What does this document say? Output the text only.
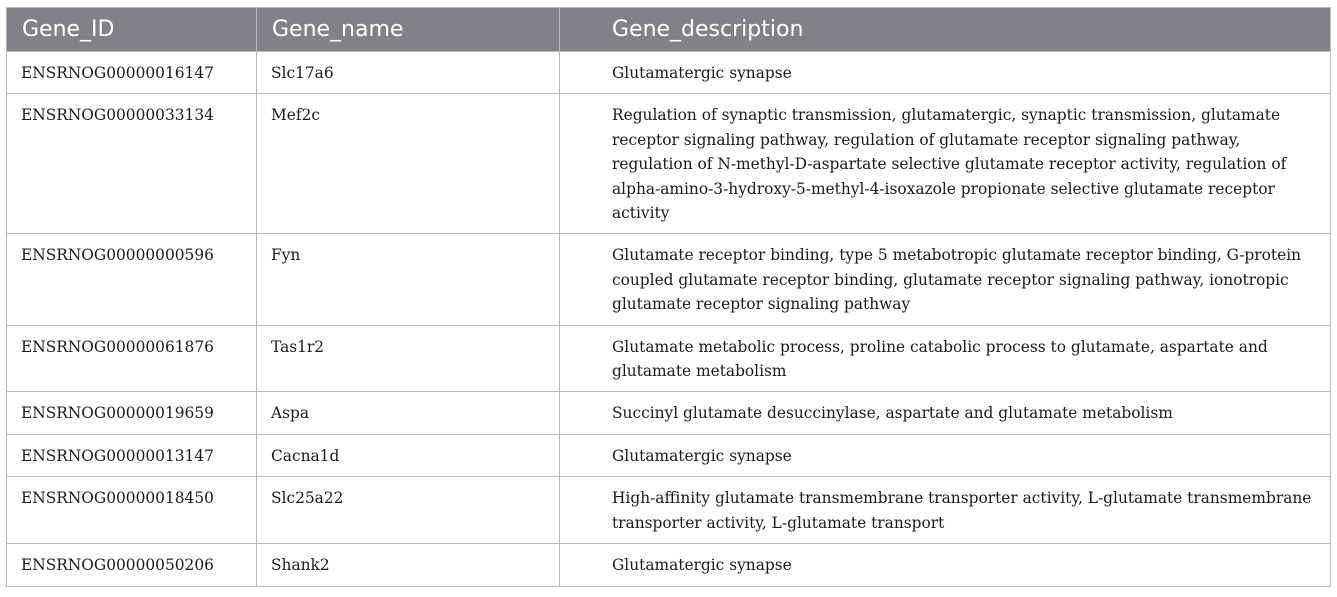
Gene_ID	Gene_name	Gene_description
ENSRNOG00000016147	Slc17a6	Glutamatergic synapse
ENSRNOG00000033134	Mef2c	Regulation of synaptic transmission, glutamatergic, synaptic transmission, glutamate receptor signaling pathway, regulation of glutamate receptor signaling pathway, regulation of N-methyl-D-aspartate selective glutamate receptor activity, regulation of alpha-amino-3-hydroxy-5-methyl-4-isoxazole propionate selective glutamate receptor activity
ENSRNOG00000000596	Fyn	Glutamate receptor binding, type 5 metabotropic glutamate receptor binding, G-protein coupled glutamate receptor binding, glutamate receptor signaling pathway, ionotropic glutamate receptor signaling pathway
ENSRNOG00000061876	Tas1r2	Glutamate metabolic process, proline catabolic process to glutamate, aspartate and glutamate metabolism
ENSRNOG00000019659	Aspa	Succinyl glutamate desuccinylase, aspartate and glutamate metabolism
ENSRNOG00000013147	Cacna1d	Glutamatergic synapse
ENSRNOG00000018450	Slc25a22	High-affinity glutamate transmembrane transporter activity, L-glutamate transmembrane transporter activity, L-glutamate transport
ENSRNOG00000050206	Shank2	Glutamatergic synapse
